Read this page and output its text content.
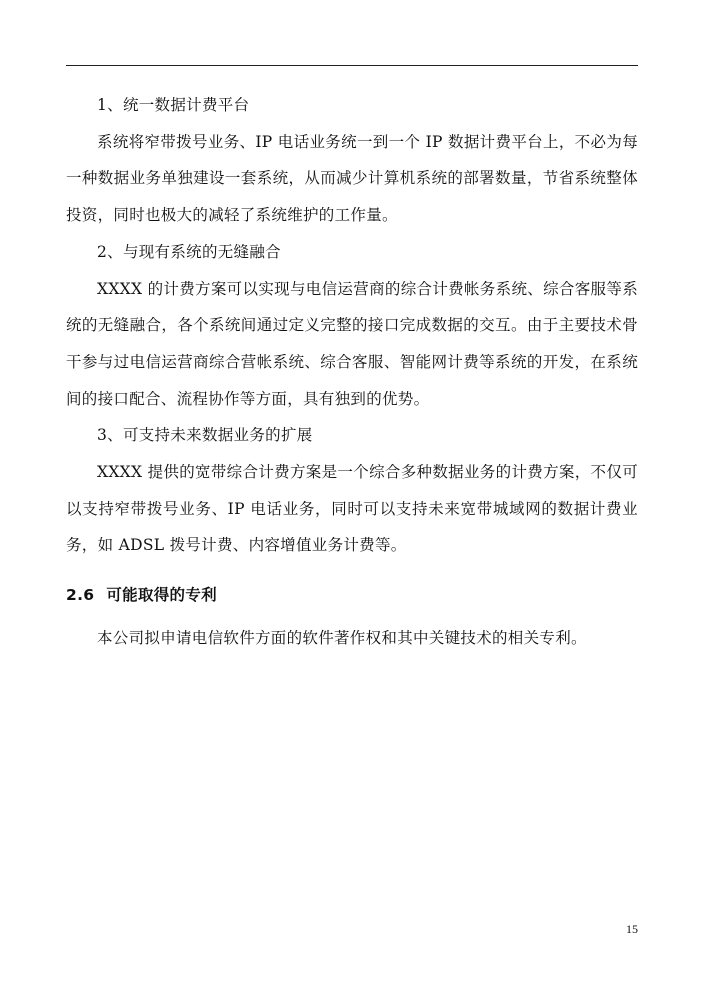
1、统一数据计费平台

系统将窄带拨号业务、IP 电话业务统一到一个 IP 数据计费平台上，不必为每一种数据业务单独建设一套系统，从而减少计算机系统的部署数量，节省系统整体投资，同时也极大的减轻了系统维护的工作量。

2、与现有系统的无缝融合

XXXX 的计费方案可以实现与电信运营商的综合计费帐务系统、综合客服等系统的无缝融合，各个系统间通过定义完整的接口完成数据的交互。由于主要技术骨干参与过电信运营商综合营帐系统、综合客服、智能网计费等系统的开发，在系统间的接口配合、流程协作等方面，具有独到的优势。

3、可支持未来数据业务的扩展

XXXX 提供的宽带综合计费方案是一个综合多种数据业务的计费方案，不仅可以支持窄带拨号业务、IP 电话业务，同时可以支持未来宽带城域网的数据计费业务，如 ADSL 拨号计费、内容增值业务计费等。

2.6 可能取得的专利

本公司拟申请电信软件方面的软件著作权和其中关键技术的相关专利。

15
